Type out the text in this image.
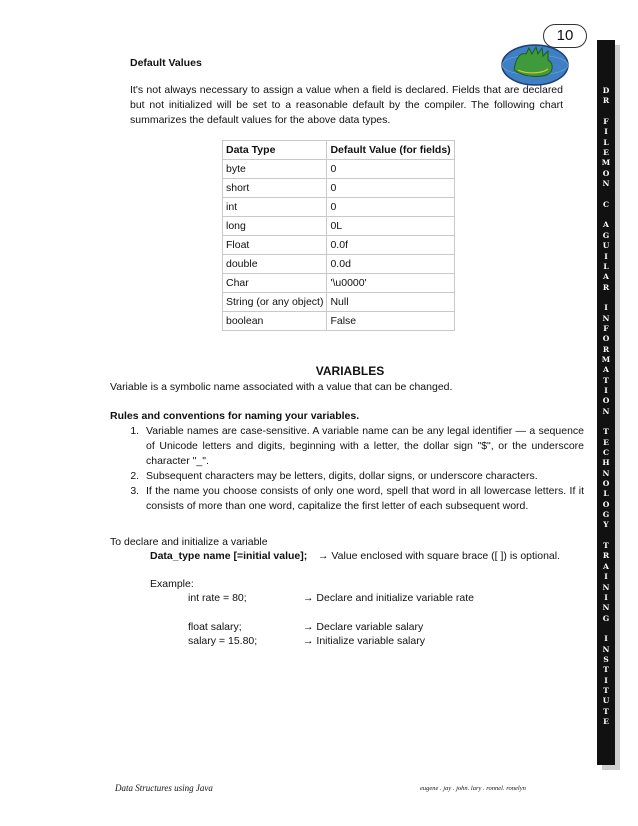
10
D
R

F
I
L
E
M
O
N

C

A
G
U
I
L
A
R

I
N
F
O
R
M
A
T
I
O
N

T
E
C
H
N
O
L
O
G
Y

T
R
A
I
N
I
N
G

I
N
S
T
I
T
U
T
E
Default Values
It's not always necessary to assign a value when a field is declared. Fields that are declared but not initialized will be set to a reasonable default by the compiler. The following chart summarizes the default values for the above data types.
Data Type	Default Value (for fields)
byte	0
short	0
int	0
long	0L
Float	0.0f
double	0.0d
Char	'\u0000'
String (or any object)	Null
boolean	False
VARIABLES
Variable is a symbolic name associated with a value that can be changed.
Rules and conventions for naming your variables.
1. Variable names are case-sensitive. A variable name can be any legal identifier — a sequence of Unicode letters and digits, beginning with a letter, the dollar sign "$", or the underscore character "_".
2. Subsequent characters may be letters, digits, dollar signs, or underscore characters.
3. If the name you choose consists of only one word, spell that word in all lowercase letters. If it consists of more than one word, capitalize the first letter of each subsequent word.
To declare and initialize a variable
Data_type name [=initial value]; → Value enclosed with square brace ([ ]) is optional.
Example:
int rate = 80;	→ Declare and initialize variable rate
float salary;	→ Declare variable salary
salary = 15.80;	→ Initialize variable salary
Data Structures using Java	eugene . jay . john. lary . ronnel. ronelyn
